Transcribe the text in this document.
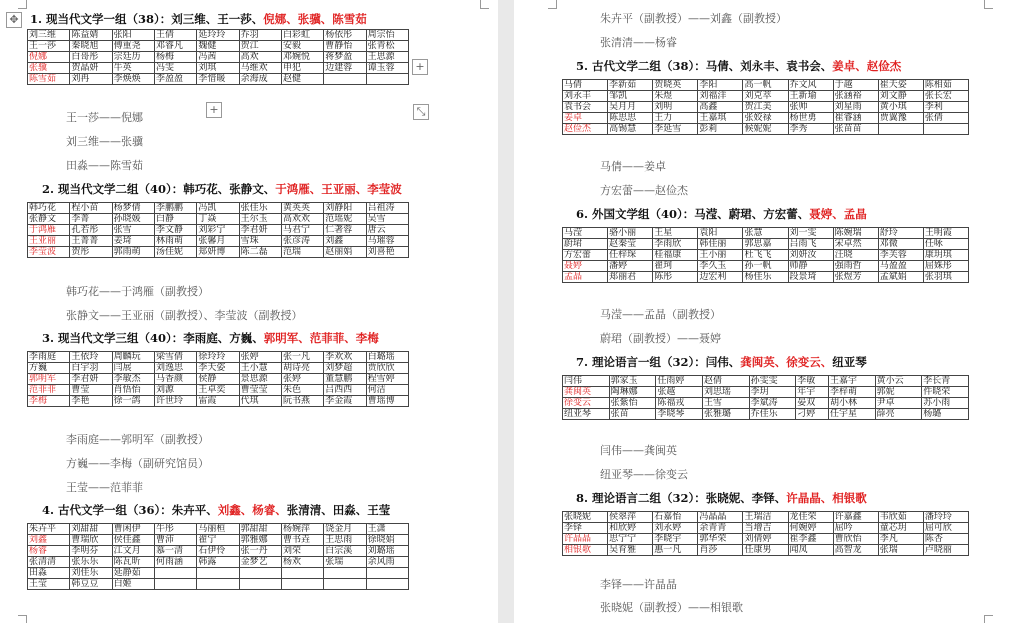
✥ 1. 现当代文学一组（38）：刘三维、王一莎、倪娜、张骥、陈雪茹
刘三维	陈益婧	张阳	王倩	延玲玲	乔羽	白彩虹	杨依彤	周宗怡
王一莎	秦晓旭	傅重尧	邓睿凡	魏健	贺江	安毅	曹静怡	张青松
倪娜	白哥彤	宗廷历	杨梅	冯茜	高欢	邓婉悦	蒋梦盈	王思源
张骥	贺晶妍	牛英	冯雯	刘琪	马维欢	申犯	边建蓉	谭玉蓉
陈雪茹	刘冉	李焕焕	李盈盈	李惜暖	余海成	赵健		
+
+	⤡
王一莎——倪娜
刘三维——张骥
田淼——陈雪茹
2. 现当代文学二组（40）：韩巧花、张静文、于鸿雁、王亚丽、李莹波
韩巧花	程小苗	杨梦倩	李鹏鹏	冯凯	张佳乐	黄英英	刘静阳	吕祖涛
张静文	李菁	孙晓媛	白静	丁焱	王尔玉	高欢欢	范瑶妮	吴雪
于鸿雁	孔若彤	张雪	李文静	刘彩宁	李君妍	马君宁	仁著蓉	唐云
王亚丽	王菁菁	姜琦	林雨萌	张馨月	雪珠	张彦涛	刘鑫	马璀蓉
李莹波	贺彤	郭雨萌	汤佳妮	郑妍博	陈二磊	范瑞	赵丽娟	刘喜艳
韩巧花——于鸿雁（副教授）
张静文——王亚丽（副教授）、李莹波（副教授）
3. 现当代文学三组（40）：李雨庭、方巍、郭明军、范菲菲、李梅
李雨庭	王依玲	周麟玩	梁雪倩	徐玲玲	张婷	张一凡	李欢欢	白璐瑶
方巍	白宇羽	闫展	刘逸思	李天姿	王小慧	胡诗亮	刘梦超	贾欣欣
郭明军	李君妍	李敏杰	马香颜	侯静	景思源	张婷	董慧鹏	程雪婷
范菲菲	曹莹	肖悟怡	刘源	王卓奕	曹莹莹	朱色	吕西西	何洁
李梅	李艳	徐一鸽	许世玲	雷霞	代琪	阮书燕	李金霞	曹瑶博
李雨庭——郭明军（副教授）
方巍——李梅（副研究馆员）
王莹——范菲菲
4. 古代文学一组（36）：朱卉平、刘鑫、杨睿、张清清、田淼、王莹
朱卉平	刘甜甜	曹闲伊	牛彤	马丽桓	郭甜甜	杨婉萍	饶金月	王潇
刘鑫	曹瑞欣	侯佳鑫	曹沛	翟宁	郭雅娜	曹书垚	王思雨	徐晓娟
杨睿	李明芬	江文月	慕一清	石伊伶	张一丹	刘荣	白宗溪	刘璐瑶
张清清	张乐乐	陈瓦昕	何雨涵	韩露	金梦艺	杨欢	张瑞	余风雨
田淼	刘佳乐	延静茹						
王莹	韩豆豆	白姬						
朱卉平（副教授）——刘鑫（副教授）
张清清——杨睿
5. 古代文学二组（38）：马倩、刘永丰、袁书会、姜卓、赵俭杰
马倩	李新茹	贺晓英	李阳	高一帆	乔文风	于越	崔天姿	陈相茹
刘永丰	邹凯	朱煜	刘福洋	刘克萃	王新瑜	张涵裕	刘文静	张长宏
袁书会	吴月月	刘明	高鑫	贺江美	张帅	刘星雨	黄小琪	李利
姜卓	陈思思	王力	王嘉琪	张姣禄	杨世勇	崔睿涵	贾翼豫	张倩
赵俭杰	高锡慧	李延雪	彭莉	候妮妮	李秀	张苗苗		
马倩——姜卓
方宏蕾——赵俭杰
6. 外国文学组（40）：马滢、蔚珺、方宏蕾、聂婷、孟晶
马滢	骆小丽	王星	袁阳	张慧	刘一雯	陈婉瑞	舒玲	王明霞
蔚珺	赵秦莹	李雨欣	韩佳丽	郭思嘉	吕雨飞	宋卓然	邓微	任咏
方宏蕾	任梓琛	桂福康	王小丽	杜飞飞	刘妍汝	汪晓	李芙蓉	康玥琪
聂婷	潘婷	翟珂	李久玉	孙一帆	师静	强雨哲	马盈盈	屈姝彤
孟晶	郑丽君	陈彤	边宏利	杨佳乐	段景琦	张煜芳	孟斌娟	张羽琪
马滢——孟晶（副教授）
蔚珺（副教授）——聂婷
7. 理论语言一组（32）：闫伟、龚闽英、徐变云、纽亚琴
闫伟	郭家玉	任雨婷	赵倩	孙雯雯	李敏	王嘉宇	黄小云	李长青
龚闽英	陶琳娜	张越	刘思瑶	李玥	年宇	李梓萌	郭妮	件晓荣
徐变云	张紫怡	陈福戎	王雪	李斌涛	晏双	胡小林	尹卓	苏小雨
纽亚琴	张苗	李晓琴	张雅璐	乔佳乐	刁婷	任宇星	薛亮	杨璐
闫伟——龚闽英
纽亚琴——徐变云
8. 理论语言二组（32）：张晓妮、李铎、许晶晶、相银歌
张晓妮	侯翠萍	石嘉怡	冯晶晶	王瑞洁	龙佳荣	许嘉鑫	韦欣茹	潘玲玲
李铎	和欣婷	刘永婷	余青青	当增吉	何婉婷	屈吟	童芯玥	屈可欣
许晶晶	思宁宁	李晓宇	郭华荣	刘倩婷	崔李鑫	曹欣怡	李凡	陈杏
相银歌	吴育雅	惠一凡	肖莎	任康男	闻凤	高智龙	张瑞	卢晓丽
李铎——许晶晶
张晓妮（副教授）——相银歌
